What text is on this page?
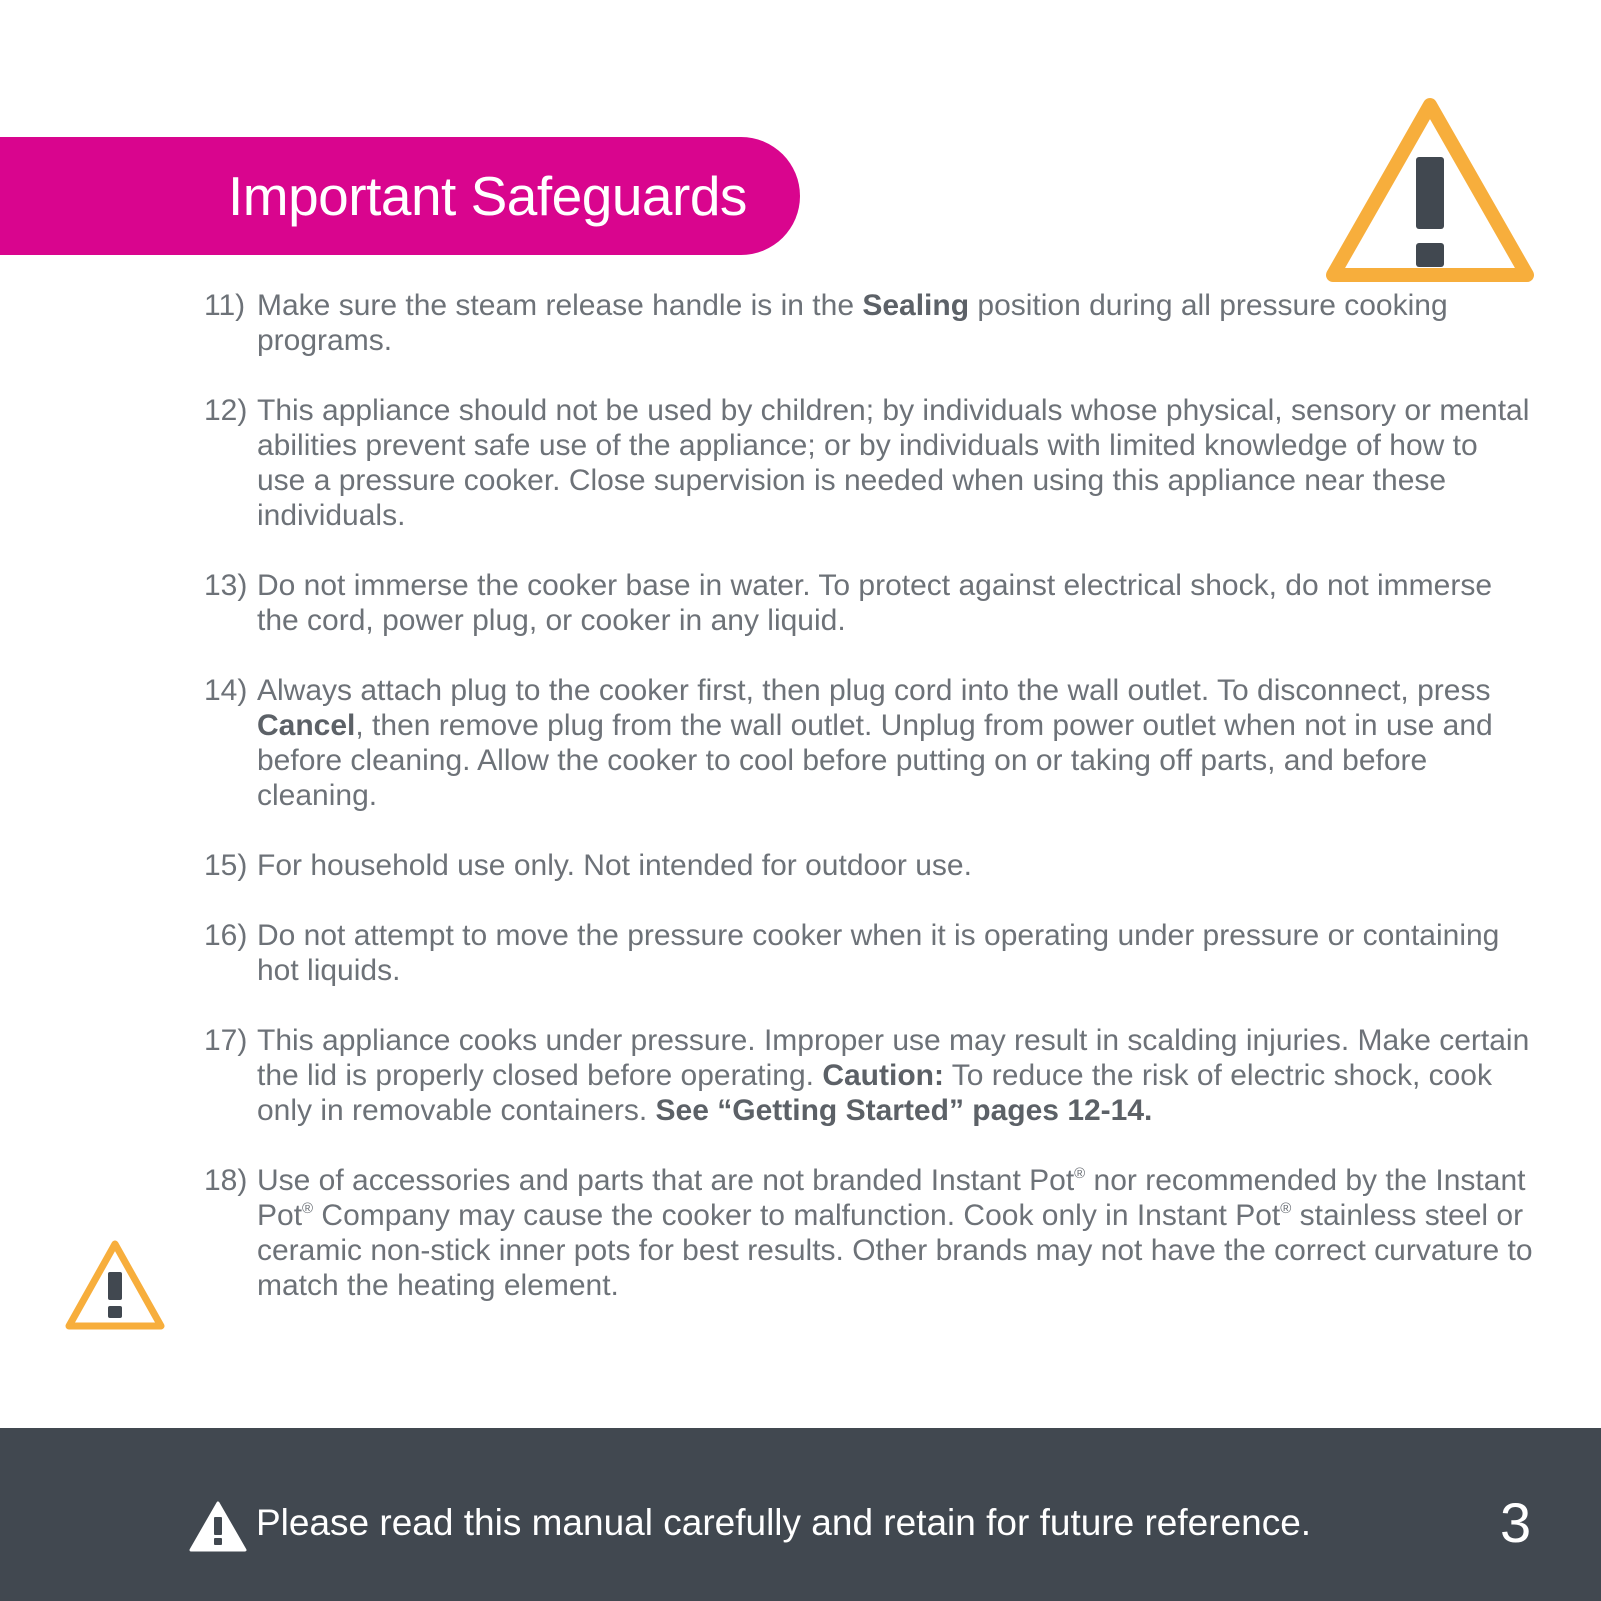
Important Safeguards
11) Make sure the steam release handle is in the Sealing position during all pressure cooking programs.
12) This appliance should not be used by children; by individuals whose physical, sensory or mental abilities prevent safe use of the appliance; or by individuals with limited knowledge of how to use a pressure cooker. Close supervision is needed when using this appliance near these individuals.
13) Do not immerse the cooker base in water. To protect against electrical shock, do not immerse the cord, power plug, or cooker in any liquid.
14) Always attach plug to the cooker first, then plug cord into the wall outlet. To disconnect, press Cancel, then remove plug from the wall outlet. Unplug from power outlet when not in use and before cleaning. Allow the cooker to cool before putting on or taking off parts, and before cleaning.
15) For household use only. Not intended for outdoor use.
16) Do not attempt to move the pressure cooker when it is operating under pressure or containing hot liquids.
17) This appliance cooks under pressure. Improper use may result in scalding injuries. Make certain the lid is properly closed before operating. Caution: To reduce the risk of electric shock, cook only in removable containers. See “Getting Started” pages 12-14.
18) Use of accessories and parts that are not branded Instant Pot® nor recommended by the Instant Pot® Company may cause the cooker to malfunction. Cook only in Instant Pot® stainless steel or ceramic non-stick inner pots for best results. Other brands may not have the correct curvature to match the heating element.
Please read this manual carefully and retain for future reference.	3
